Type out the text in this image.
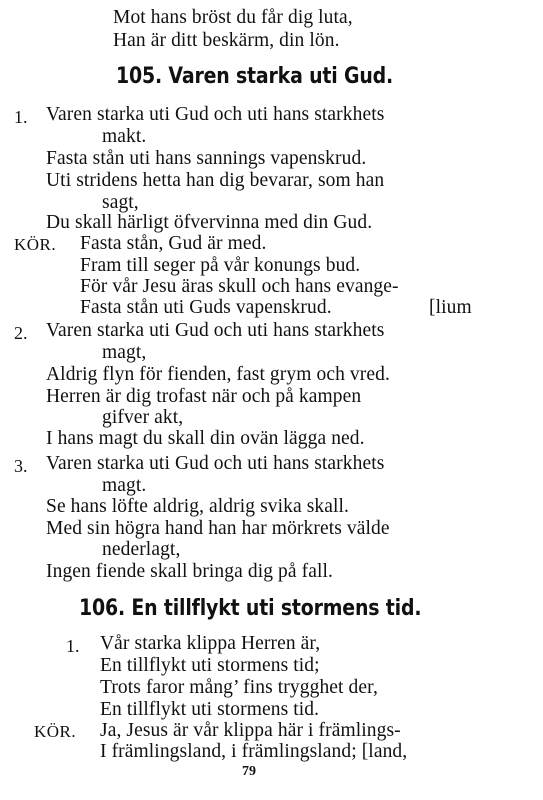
Mot hans bröst du får dig luta,
Han är ditt beskärm, din lön.
105. Varen starka uti Gud.
1. Varen starka uti Gud och uti hans starkhets
makt.
Fasta stån uti hans sannings vapenskrud.
Uti stridens hetta han dig bevarar, som han
sagt,
Du skall härligt öfvervinna med din Gud.
KÖR. Fasta stån, Gud är med.
Fram till seger på vår konungs bud.
För vår Jesu äras skull och hans evange-
Fasta stån uti Guds vapenskrud.	[lium
2. Varen starka uti Gud och uti hans starkhets
magt,
Aldrig flyn för fienden, fast grym och vred.
Herren är dig trofast när och på kampen
gifver akt,
I hans magt du skall din ovän lägga ned.
3. Varen starka uti Gud och uti hans starkhets
magt.
Se hans löfte aldrig, aldrig svika skall.
Med sin högra hand han har mörkrets välde
nederlagt,
Ingen fiende skall bringa dig på fall.
106. En tillflykt uti stormens tid.
1. Vår starka klippa Herren är,
En tillflykt uti stormens tid;
Trots faror mång’ fins trygghet der,
En tillflykt uti stormens tid.
KÖR. Ja, Jesus är vår klippa här i främlings-
I främlingsland, i främlingsland; [land,
79
